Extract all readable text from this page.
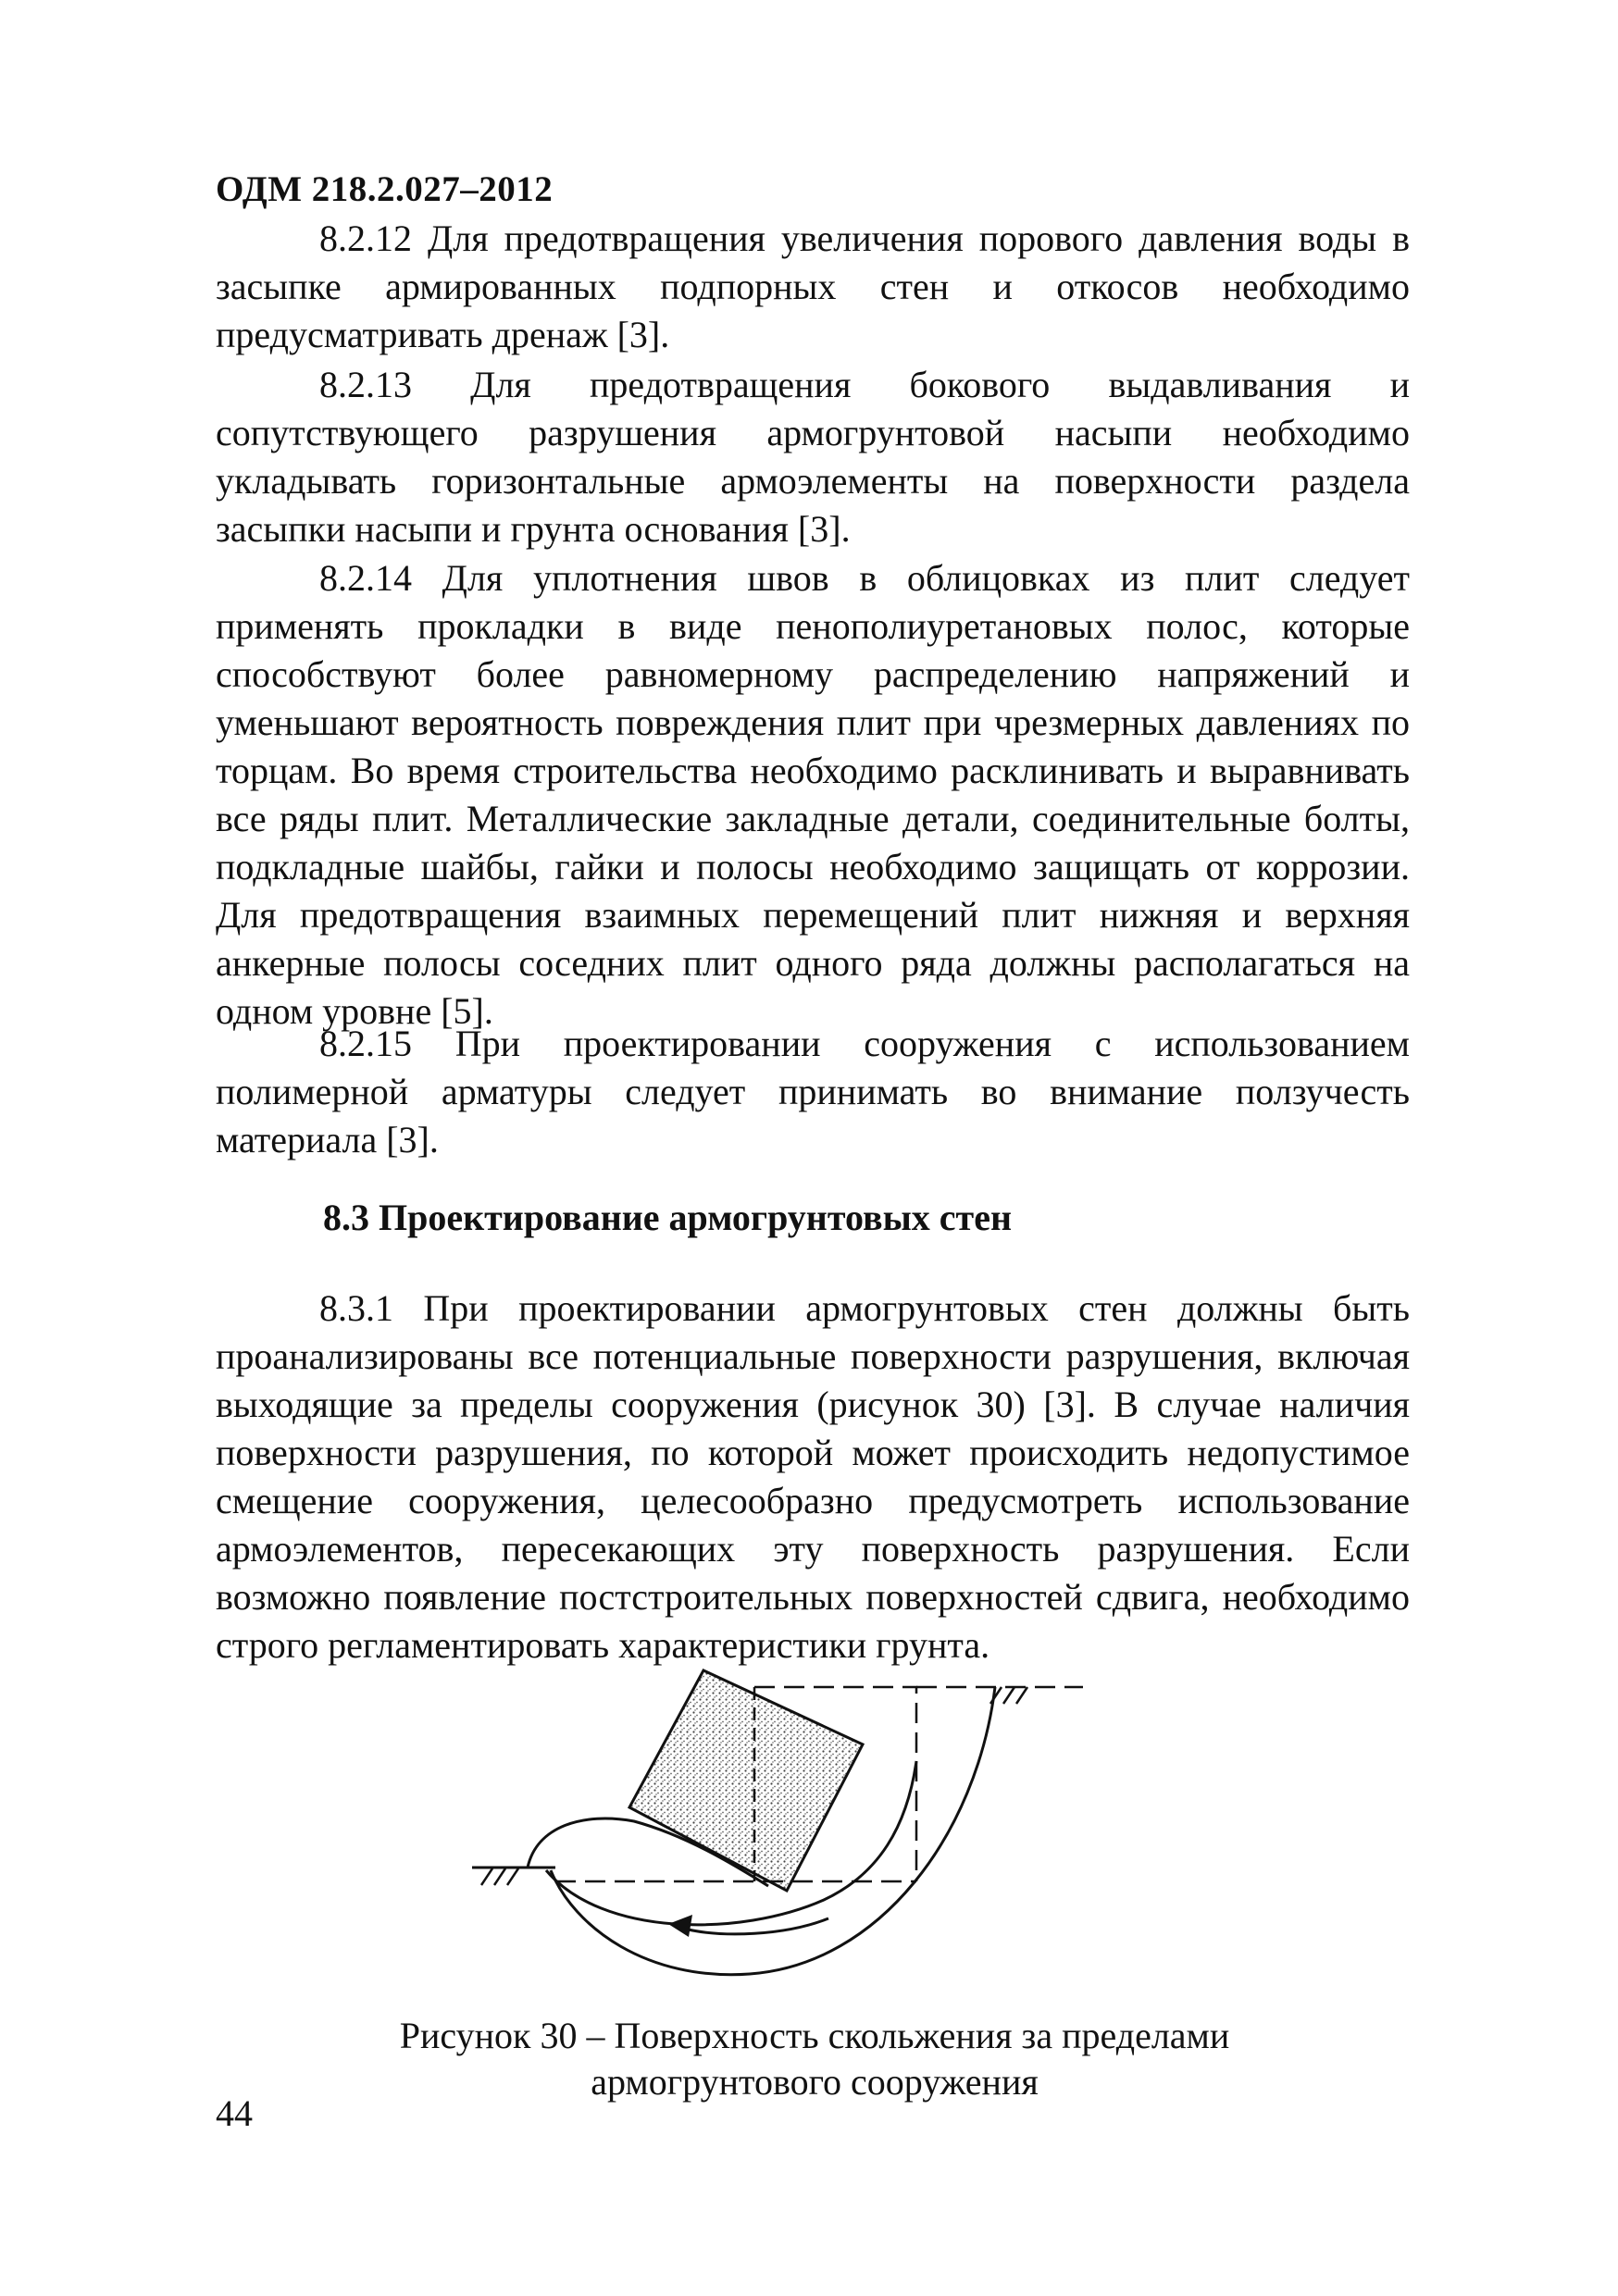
ОДМ 218.2.027–2012

8.2.12 Для предотвращения увеличения порового давления воды в засыпке армированных подпорных стен и откосов необходимо предусматривать дренаж [3].

8.2.13 Для предотвращения бокового выдавливания и сопутствующего разрушения армогрунтовой насыпи необходимо укладывать горизонтальные армоэлементы на поверхности раздела засыпки насыпи и грунта основания [3].

8.2.14 Для уплотнения швов в облицовках из плит следует применять прокладки в виде пенополиуретановых полос, которые способствуют более равномерному распределению напряжений и уменьшают вероятность повреждения плит при чрезмерных давлениях по торцам. Во время строительства необходимо расклинивать и выравнивать все ряды плит. Металлические закладные детали, соединительные болты, подкладные шайбы, гайки и полосы необходимо защищать от коррозии. Для предотвращения взаимных перемещений плит нижняя и верхняя анкерные полосы соседних плит одного ряда должны располагаться на одном уровне [5].

8.2.15 При проектировании сооружения с использованием полимерной арматуры следует принимать во внимание ползучесть материала [3].

8.3 Проектирование армогрунтовых стен

8.3.1 При проектировании армогрунтовых стен должны быть проанализированы все потенциальные поверхности разрушения, включая выходящие за пределы сооружения (рисунок 30) [3]. В случае наличия поверхности разрушения, по которой может происходить недопустимое смещение сооружения, целесообразно предусмотреть использование армоэлементов, пересекающих эту поверхность разрушения. Если возможно появление постстроительных поверхностей сдвига, необходимо строго регламентировать характеристики грунта.

Рисунок 30 – Поверхность скольжения за пределами
армогрунтового сооружения
44
